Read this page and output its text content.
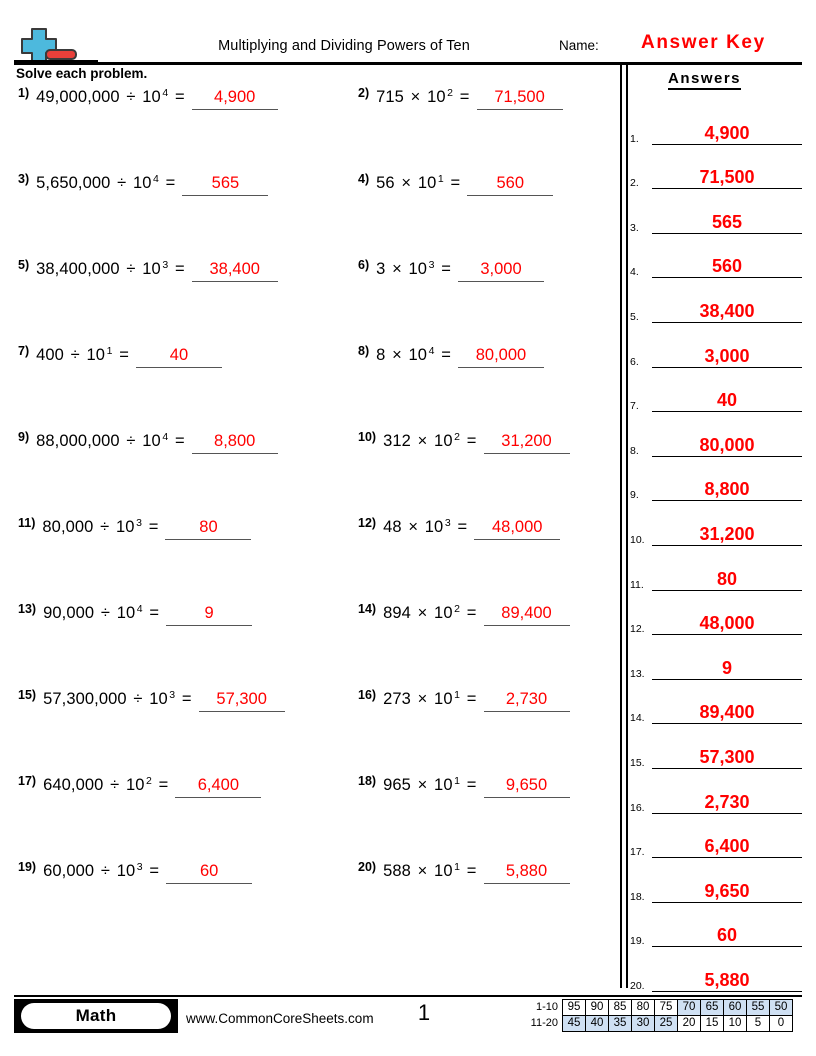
Multiplying and Dividing Powers of Ten	Name: Answer Key
Solve each problem.
1) 49,000,000 ÷ 10 $^4$ =	4,900	2) 715 × 10 $^2$ =	71,500
3) 5,650,000 ÷ 10 $^4$ =	565	4) 56 × 10 $^1$ =	560
5) 38,400,000 ÷ 10 $^3$ =	38,400	6) 3 × 10 $^3$ =	3,000
7) 400 ÷ 10 $^1$ =	40	8) 8 × 10 $^4$ =	80,000
9) 88,000,000 ÷ 10 $^4$ =	8,800	10) 312 × 10 $^2$ =	31,200
11) 80,000 ÷ 10 $^3$ =	80	12) 48 × 10 $^3$ =	48,000
13) 90,000 ÷ 10 $^4$ =	9	14) 894 × 10 $^2$ =	89,400
15) 57,300,000 ÷ 10 $^3$ =	57,300	16) 273 × 10 $^1$ =	2,730
17) 640,000 ÷ 10 $^2$ =	6,400	18) 965 × 10 $^1$ =	9,650
19) 60,000 ÷ 10 $^3$ =	60	20) 588 × 10 $^1$ =	5,880
Answers
1.	4,900
2.	71,500
3.	565
4.	560
5.	38,400
6.	3,000
7.	40
8.	80,000
9.	8,800
10.	31,200
11.	80
12.	48,000
13.	9
14.	89,400
15.	57,300
16.	2,730
17.	6,400
18.	9,650
19.	60
20.	5,880
Math	www.CommonCoreSheets.com	1	1-10	95	90	85	80	75	70	65	60	55	50
11-20	45	40	35	30	25	20	15	10	5	0
